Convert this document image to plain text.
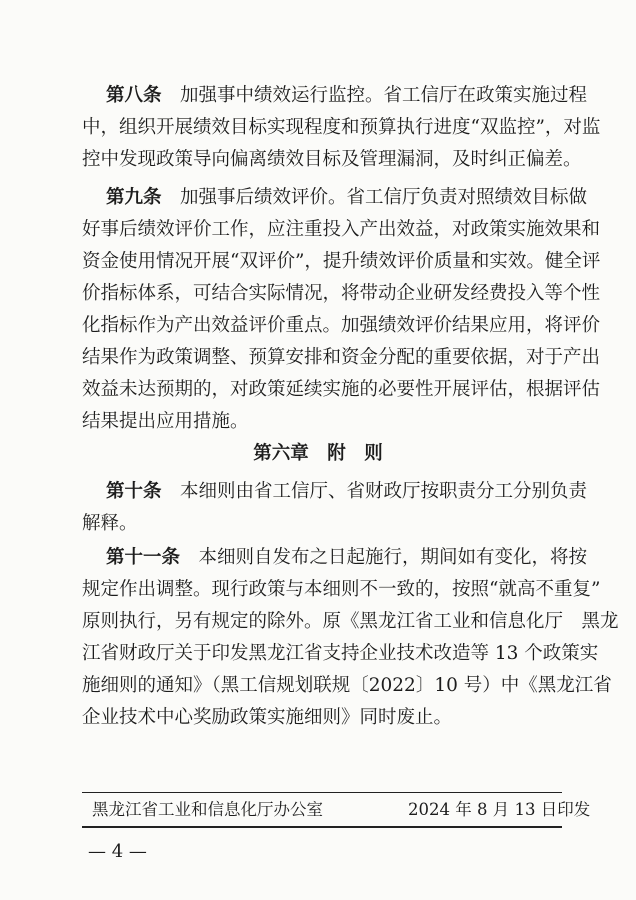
第八条　 加强事中绩效运行监控。省工信厅在政策实施过程
中，组织开展绩效目标实现程度和预算执行进度“双监控”，对监
控中发现政策导向偏离绩效目标及管理漏洞，及时纠正偏差。
第九条　 加强事后绩效评价。省工信厅负责对照绩效目标做
好事后绩效评价工作，应注重投入产出效益，对政策实施效果和
资金使用情况开展“双评价”，提升绩效评价质量和实效。健全评
价指标体系，可结合实际情况，将带动企业研发经费投入等个性
化指标作为产出效益评价重点。加强绩效评价结果应用，将评价
结果作为政策调整、预算安排和资金分配的重要依据，对于产出
效益未达预期的，对政策延续实施的必要性开展评估，根据评估
结果提出应用措施。
第六章　附　则
第十条　 本细则由省工信厅、省财政厅按职责分工分别负责
解释。
第十一条　 本细则自发布之日起施行，期间如有变化，将按
规定作出调整。现行政策与本细则不一致的，按照“就高不重复”
原则执行，另有规定的除外。原《黑龙江省工业和信息化厅　黑龙
江省财政厅关于印发黑龙江省支持企业技术改造等 13 个政策实
施细则的通知》（黑工信规划联规〔2022〕10 号）中《黑龙江省
企业技术中心奖励政策实施细则》同时废止。
黑龙江省工业和信息化厅办公室	2024 年 8 月 13 日印发
— 4 —
